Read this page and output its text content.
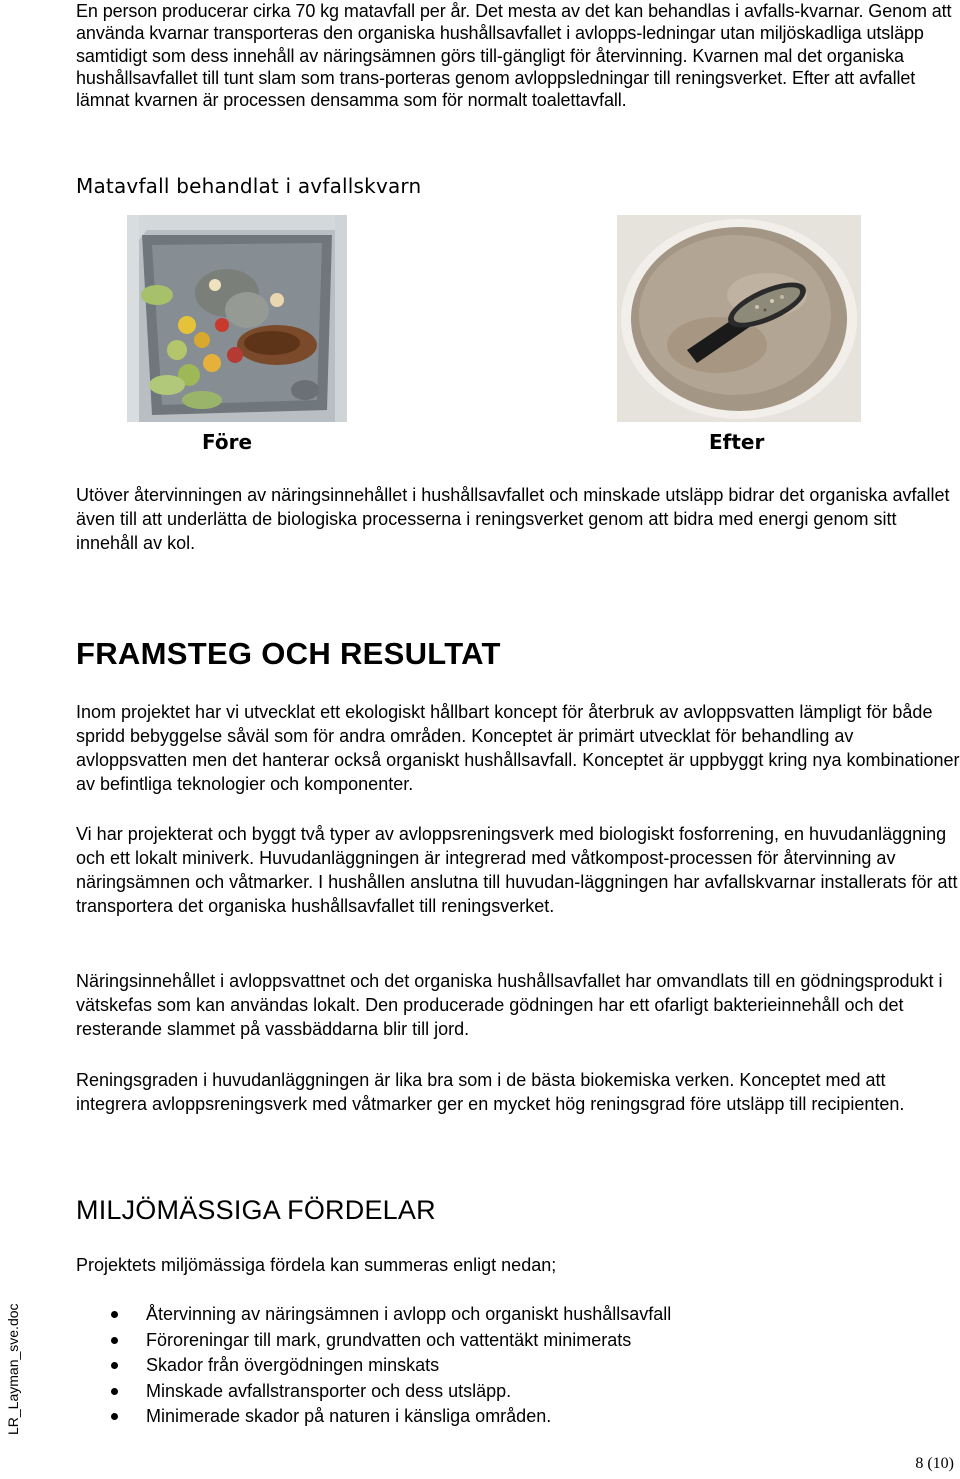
En person producerar cirka 70 kg matavfall per år. Det mesta av det kan behandlas i avfalls-kvarnar. Genom att använda kvarnar transporteras den organiska hushållsavfallet i avlopps-ledningar utan miljöskadliga utsläpp samtidigt som dess innehåll av näringsämnen görs till-gängligt för återvinning. Kvarnen mal det organiska hushållsavfallet till tunt slam som trans-porteras genom avloppsledningar till reningsverket. Efter att avfallet lämnat kvarnen är processen densamma som för normalt toalettavfall.

Matavfall behandlat i avfallskvarn
Före	Efter

Utöver återvinningen av näringsinnehållet i hushållsavfallet och minskade utsläpp bidrar det organiska avfallet även till att underlätta de biologiska processerna i reningsverket genom att bidra med energi genom sitt innehåll av kol.

FRAMSTEG OCH RESULTAT

Inom projektet har vi utvecklat ett ekologiskt hållbart koncept för återbruk av avloppsvatten lämpligt för både spridd bebyggelse såväl som för andra områden. Konceptet är primärt utvecklat för behandling av avloppsvatten men det hanterar också organiskt hushållsavfall. Konceptet är uppbyggt kring nya kombinationer av befintliga teknologier och komponenter.

Vi har projekterat och byggt två typer av avloppsreningsverk med biologiskt fosforrening, en huvudanläggning och ett lokalt miniverk. Huvudanläggningen är integrerad med våtkompost-processen för återvinning av näringsämnen och våtmarker. I hushållen anslutna till huvudan-läggningen har avfallskvarnar installerats för att transportera det organiska hushållsavfallet till reningsverket.

Näringsinnehållet i avloppsvattnet och det organiska hushållsavfallet har omvandlats till en gödningsprodukt i vätskefas som kan användas lokalt. Den producerade gödningen har ett ofarligt bakterieinnehåll och det resterande slammet på vassbäddarna blir till jord.

Reningsgraden i huvudanläggningen är lika bra som i de bästa biokemiska verken. Konceptet med att integrera avloppsreningsverk med våtmarker ger en mycket hög reningsgrad före utsläpp till recipienten.

MILJÖMÄSSIGA FÖRDELAR

Projektets miljömässiga fördela kan summeras enligt nedan;

Återvinning av näringsämnen i avlopp och organiskt hushållsavfall
Föroreningar till mark, grundvatten och vattentäkt minimerats
Skador från övergödningen minskats
Minskade avfallstransporter och dess utsläpp.
Minimerade skador på naturen i känsliga områden.
LR_Layman_sve.doc
8 (10)
